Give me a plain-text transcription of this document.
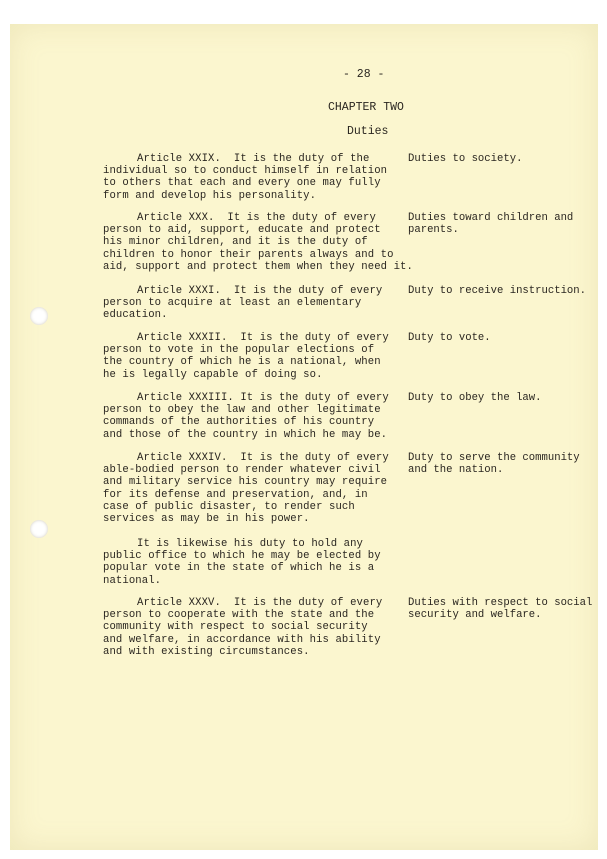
- 28 -
CHAPTER TWO
Duties
Article XXIX.  It is the duty of the
individual so to conduct himself in relation
to others that each and every one may fully
form and develop his personality.
Duties to society.
Article XXX.  It is the duty of every
person to aid, support, educate and protect
his minor children, and it is the duty of
children to honor their parents always and to
aid, support and protect them when they need it.
Duties toward children and
parents.
Article XXXI.  It is the duty of every
person to acquire at least an elementary
education.
Duty to receive instruction.
Article XXXII.  It is the duty of every
person to vote in the popular elections of
the country of which he is a national, when
he is legally capable of doing so.
Duty to vote.
Article XXXIII. It is the duty of every
person to obey the law and other legitimate
commands of the authorities of his country
and those of the country in which he may be.
Duty to obey the law.
Article XXXIV.  It is the duty of every
able-bodied person to render whatever civil
and military service his country may require
for its defense and preservation, and, in
case of public disaster, to render such
services as may be in his power.
Duty to serve the community
and the nation.
It is likewise his duty to hold any
public office to which he may be elected by
popular vote in the state of which he is a
national.
Article XXXV.  It is the duty of every
person to cooperate with the state and the
community with respect to social security
and welfare, in accordance with his ability
and with existing circumstances.
Duties with respect to social
security and welfare.
